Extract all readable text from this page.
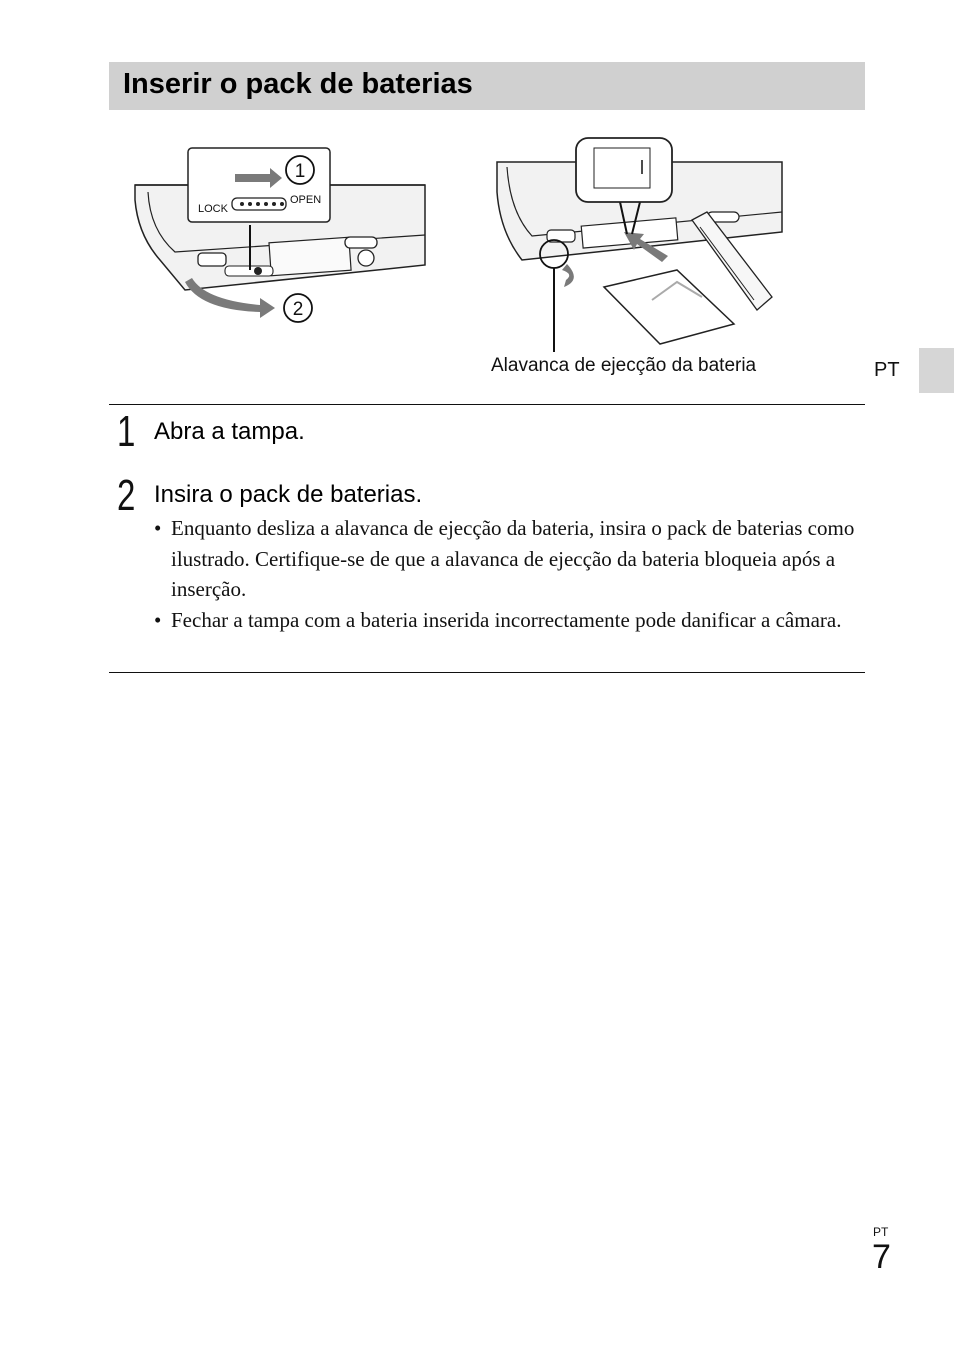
Inserir o pack de baterias
LOCK
OPEN
1
2
Alavanca de ejecção da bateria	PT
1 Abra a tampa.
2 Insira o pack de baterias.
• Enquanto desliza a alavanca de ejecção da bateria, insira o pack de baterias como ilustrado. Certifique-se de que a alavanca de ejecção da bateria bloqueia após a inserção.
• Fechar a tampa com a bateria inserida incorrectamente pode danificar a câmara.
PT
7
